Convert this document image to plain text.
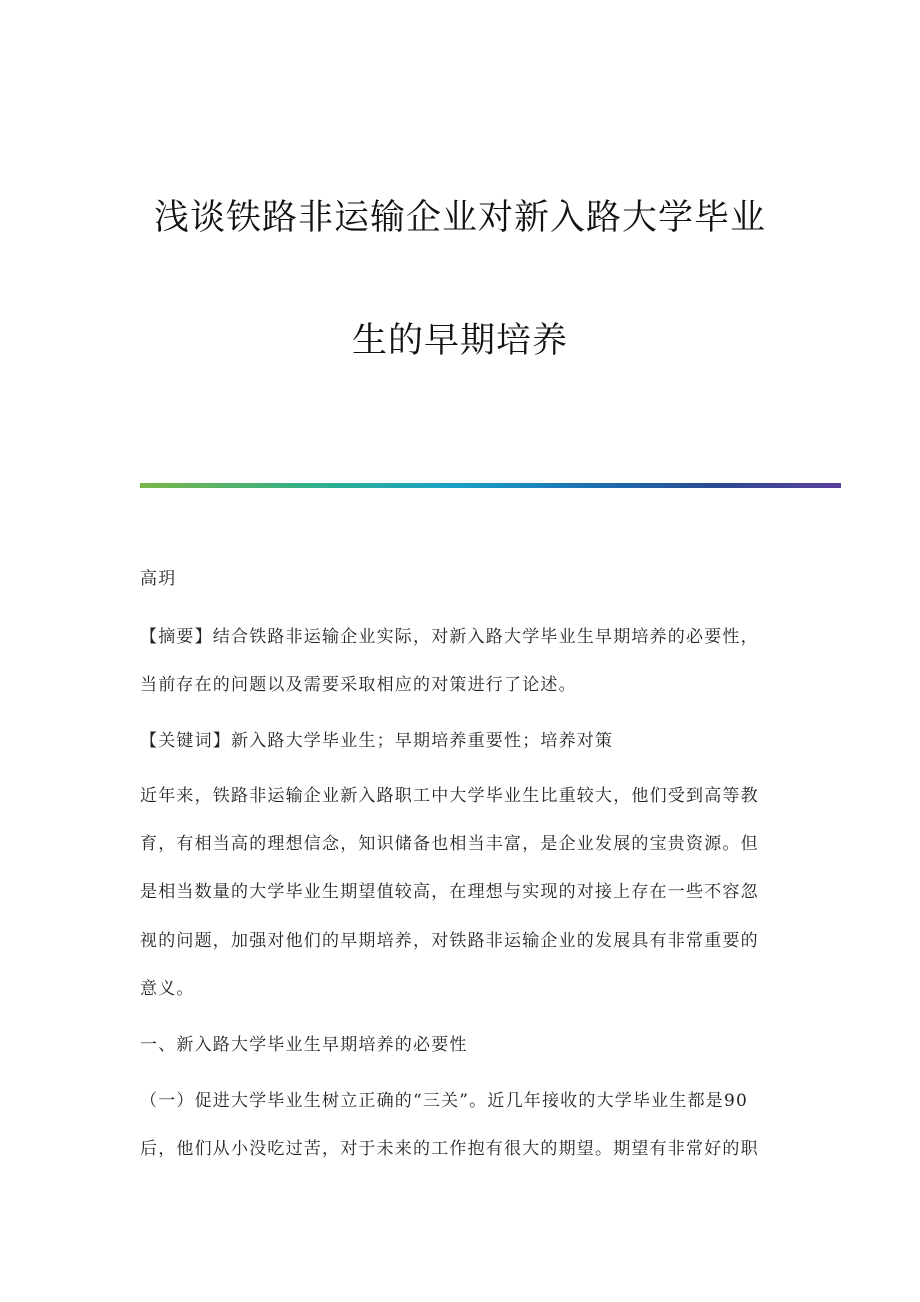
浅谈铁路非运输企业对新入路大学毕业
生的早期培养
高玥
【摘要】结合铁路非运输企业实际，对新入路大学毕业生早期培养的必要性，
当前存在的问题以及需要采取相应的对策进行了论述。
【关键词】新入路大学毕业生；早期培养重要性；培养对策
近年来，铁路非运输企业新入路职工中大学毕业生比重较大，他们受到高等教
育，有相当高的理想信念，知识储备也相当丰富，是企业发展的宝贵资源。但
是相当数量的大学毕业生期望值较高，在理想与实现的对接上存在一些不容忽
视的问题，加强对他们的早期培养，对铁路非运输企业的发展具有非常重要的
意义。
一、新入路大学毕业生早期培养的必要性
（一）促进大学毕业生树立正确的“三关”。近几年接收的大学毕业生都是90
后，他们从小没吃过苦，对于未来的工作抱有很大的期望。期望有非常好的职
